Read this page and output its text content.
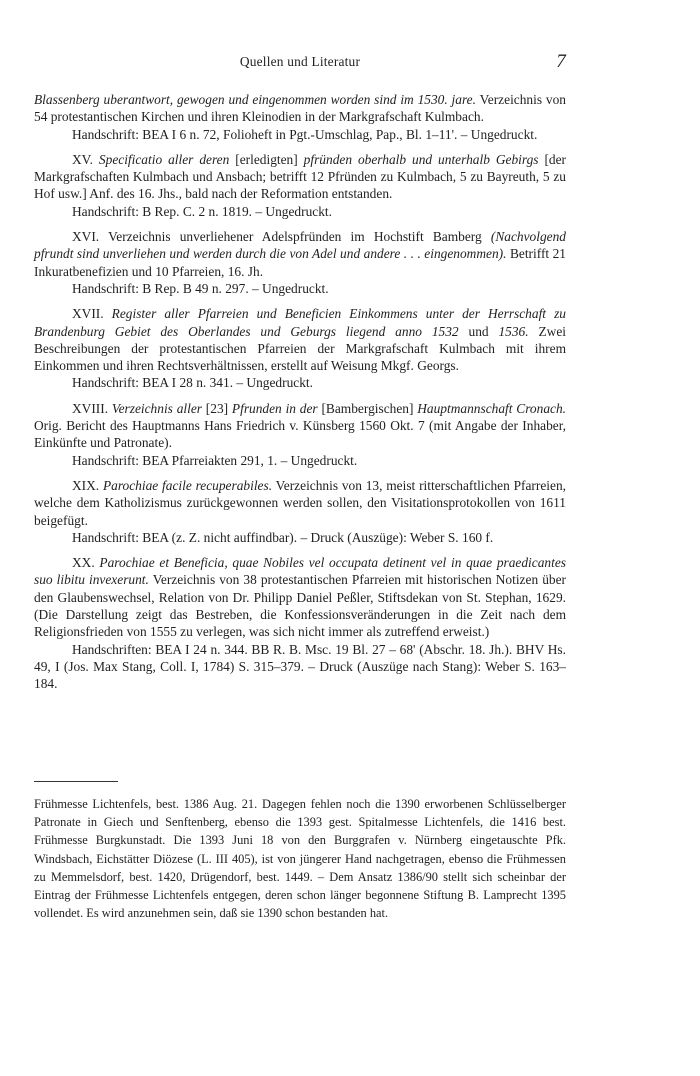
Quellen und Literatur	7

Blassenberg uberantwort, gewogen und eingenommen worden sind im 1530. jare. Verzeichnis von 54 protestantischen Kirchen und ihren Kleinodien in der Markgrafschaft Kulmbach.

Handschrift: BEA I 6 n. 72, Folioheft in Pgt.-Umschlag, Pap., Bl. 1–11'. – Ungedruckt.

XV. Specificatio aller deren [erledigten] pfründen oberhalb und unterhalb Gebirgs [der Markgrafschaften Kulmbach und Ansbach; betrifft 12 Pfründen zu Kulmbach, 5 zu Bayreuth, 5 zu Hof usw.] Anf. des 16. Jhs., bald nach der Reformation entstanden.

Handschrift: B Rep. C. 2 n. 1819. – Ungedruckt.

XVI. Verzeichnis unverliehener Adelspfründen im Hochstift Bamberg (Nachvolgend pfrundt sind unverliehen und werden durch die von Adel und andere . . . eingenommen). Betrifft 21 Inkuratbenefizien und 10 Pfarreien, 16. Jh.

Handschrift: B Rep. B 49 n. 297. – Ungedruckt.

XVII. Register aller Pfarreien und Beneficien Einkommens unter der Herrschaft zu Brandenburg Gebiet des Oberlandes und Geburgs liegend anno 1532 und 1536. Zwei Beschreibungen der protestantischen Pfarreien der Markgrafschaft Kulmbach mit ihrem Einkommen und ihren Rechtsverhältnissen, erstellt auf Weisung Mkgf. Georgs.

Handschrift: BEA I 28 n. 341. – Ungedruckt.

XVIII. Verzeichnis aller [23] Pfrunden in der [Bambergischen] Hauptmannschaft Cronach. Orig. Bericht des Hauptmanns Hans Friedrich v. Künsberg 1560 Okt. 7 (mit Angabe der Inhaber, Einkünfte und Patronate).

Handschrift: BEA Pfarreiakten 291, 1. – Ungedruckt.

XIX. Parochiae facile recuperabiles. Verzeichnis von 13, meist ritterschaftlichen Pfarreien, welche dem Katholizismus zurückgewonnen werden sollen, den Visitationsprotokollen von 1611 beigefügt.

Handschrift: BEA (z. Z. nicht auffindbar). – Druck (Auszüge): Weber S. 160 f.

XX. Parochiae et Beneficia, quae Nobiles vel occupata detinent vel in quae praedicantes suo libitu invexerunt. Verzeichnis von 38 protestantischen Pfarreien mit historischen Notizen über den Glaubenswechsel, Relation von Dr. Philipp Daniel Peßler, Stiftsdekan von St. Stephan, 1629. (Die Darstellung zeigt das Bestreben, die Konfessionsveränderungen in die Zeit nach dem Religionsfrieden von 1555 zu verlegen, was sich nicht immer als zutreffend erweist.)

Handschriften: BEA I 24 n. 344. BB R. B. Msc. 19 Bl. 27 – 68' (Abschr. 18. Jh.). BHV Hs. 49, I (Jos. Max Stang, Coll. I, 1784) S. 315–379. – Druck (Auszüge nach Stang): Weber S. 163–184.

Frühmesse Lichtenfels, best. 1386 Aug. 21. Dagegen fehlen noch die 1390 erworbenen Schlüsselberger Patronate in Giech und Senftenberg, ebenso die 1393 gest. Spitalmesse Lichtenfels, die 1416 best. Frühmesse Burgkunstadt. Die 1393 Juni 18 von den Burggrafen v. Nürnberg eingetauschte Pfk. Windsbach, Eichstätter Diözese (L. III 405), ist von jüngerer Hand nachgetragen, ebenso die Frühmessen zu Memmelsdorf, best. 1420, Drügendorf, best. 1449. – Dem Ansatz 1386/90 stellt sich scheinbar der Eintrag der Frühmesse Lichtenfels entgegen, deren schon länger begonnene Stiftung B. Lamprecht 1395 vollendet. Es wird anzunehmen sein, daß sie 1390 schon bestanden hat.
